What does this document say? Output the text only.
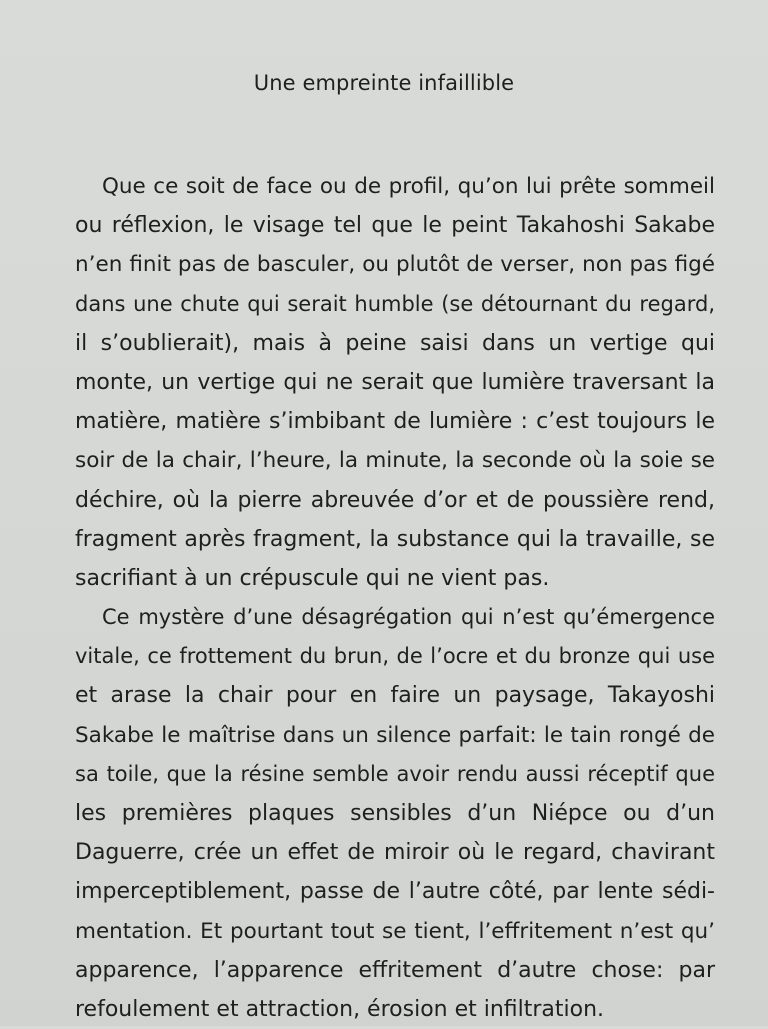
Une empreinte infaillible
Que ce soit de face ou de profil, qu’on lui prête sommeil
ou réflexion, le visage tel que le peint Takahoshi Sakabe
n’en finit pas de basculer, ou plutôt de verser, non pas figé
dans une chute qui serait humble (se détournant du regard,
il s’oublierait), mais à peine saisi dans un vertige qui
monte, un vertige qui ne serait que lumière traversant la
matière, matière s’imbibant de lumière : c’est toujours le
soir de la chair, l’heure, la minute, la seconde où la soie se
déchire, où la pierre abreuvée d’or et de poussière rend,
fragment après fragment, la substance qui la travaille, se
sacrifiant à un crépuscule qui ne vient pas.
Ce mystère d’une désagrégation qui n’est qu’émergence
vitale, ce frottement du brun, de l’ocre et du bronze qui use
et arase la chair pour en faire un paysage, Takayoshi
Sakabe le maîtrise dans un silence parfait: le tain rongé de
sa toile, que la résine semble avoir rendu aussi réceptif que
les premières plaques sensibles d’un Niépce ou d’un
Daguerre, crée un effet de miroir où le regard, chavirant
imperceptiblement, passe de l’autre côté, par lente sédi-
mentation. Et pourtant tout se tient, l’effritement n’est qu’
apparence, l’apparence effritement d’autre chose: par
refoulement et attraction, érosion et infiltration.
